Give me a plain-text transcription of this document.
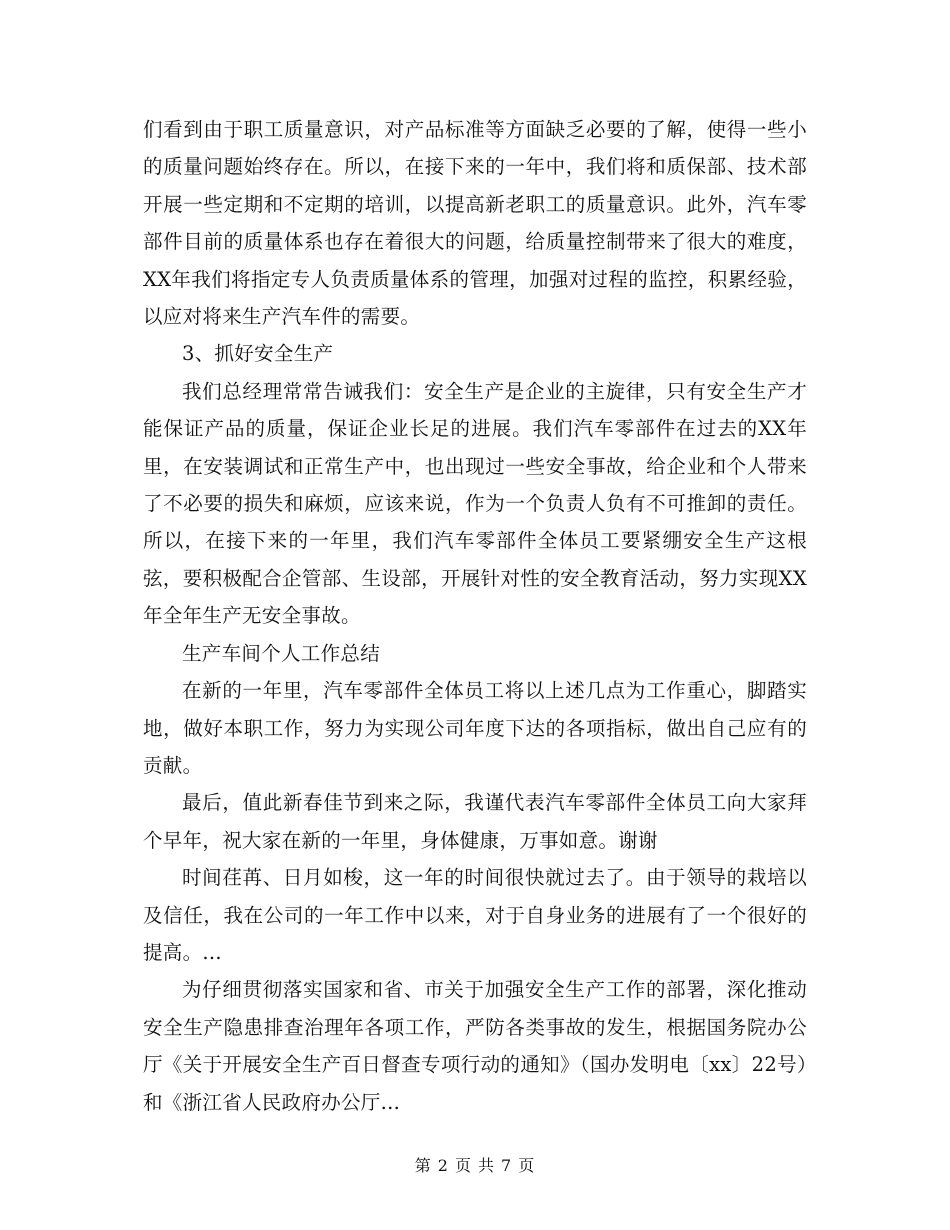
们看到由于职工质量意识，对产品标准等方面缺乏必要的了解，使得一些小的质量问题始终存在。所以，在接下来的一年中，我们将和质保部、技术部开展一些定期和不定期的培训，以提高新老职工的质量意识。此外，汽车零部件目前的质量体系也存在着很大的问题，给质量控制带来了很大的难度，XX年我们将指定专人负责质量体系的管理，加强对过程的监控，积累经验，以应对将来生产汽车件的需要。

3、抓好安全生产

我们总经理常常告诫我们：安全生产是企业的主旋律，只有安全生产才能保证产品的质量，保证企业长足的进展。我们汽车零部件在过去的XX年里，在安装调试和正常生产中，也出现过一些安全事故，给企业和个人带来了不必要的损失和麻烦，应该来说，作为一个负责人负有不可推卸的责任。所以，在接下来的一年里，我们汽车零部件全体员工要紧绷安全生产这根弦，要积极配合企管部、生设部，开展针对性的安全教育活动，努力实现XX年全年生产无安全事故。

生产车间个人工作总结

在新的一年里，汽车零部件全体员工将以上述几点为工作重心，脚踏实地，做好本职工作，努力为实现公司年度下达的各项指标，做出自己应有的贡献。

最后，值此新春佳节到来之际，我谨代表汽车零部件全体员工向大家拜个早年，祝大家在新的一年里，身体健康，万事如意。谢谢

时间荏苒、日月如梭，这一年的时间很快就过去了。由于领导的栽培以及信任，我在公司的一年工作中以来，对于自身业务的进展有了一个很好的提高。...

为仔细贯彻落实国家和省、市关于加强安全生产工作的部署，深化推动安全生产隐患排查治理年各项工作，严防各类事故的发生，根据国务院办公厅《关于开展安全生产百日督查专项行动的通知》（国办发明电〔xx〕22号）和《浙江省人民政府办公厅...

第 2 页 共 7 页
